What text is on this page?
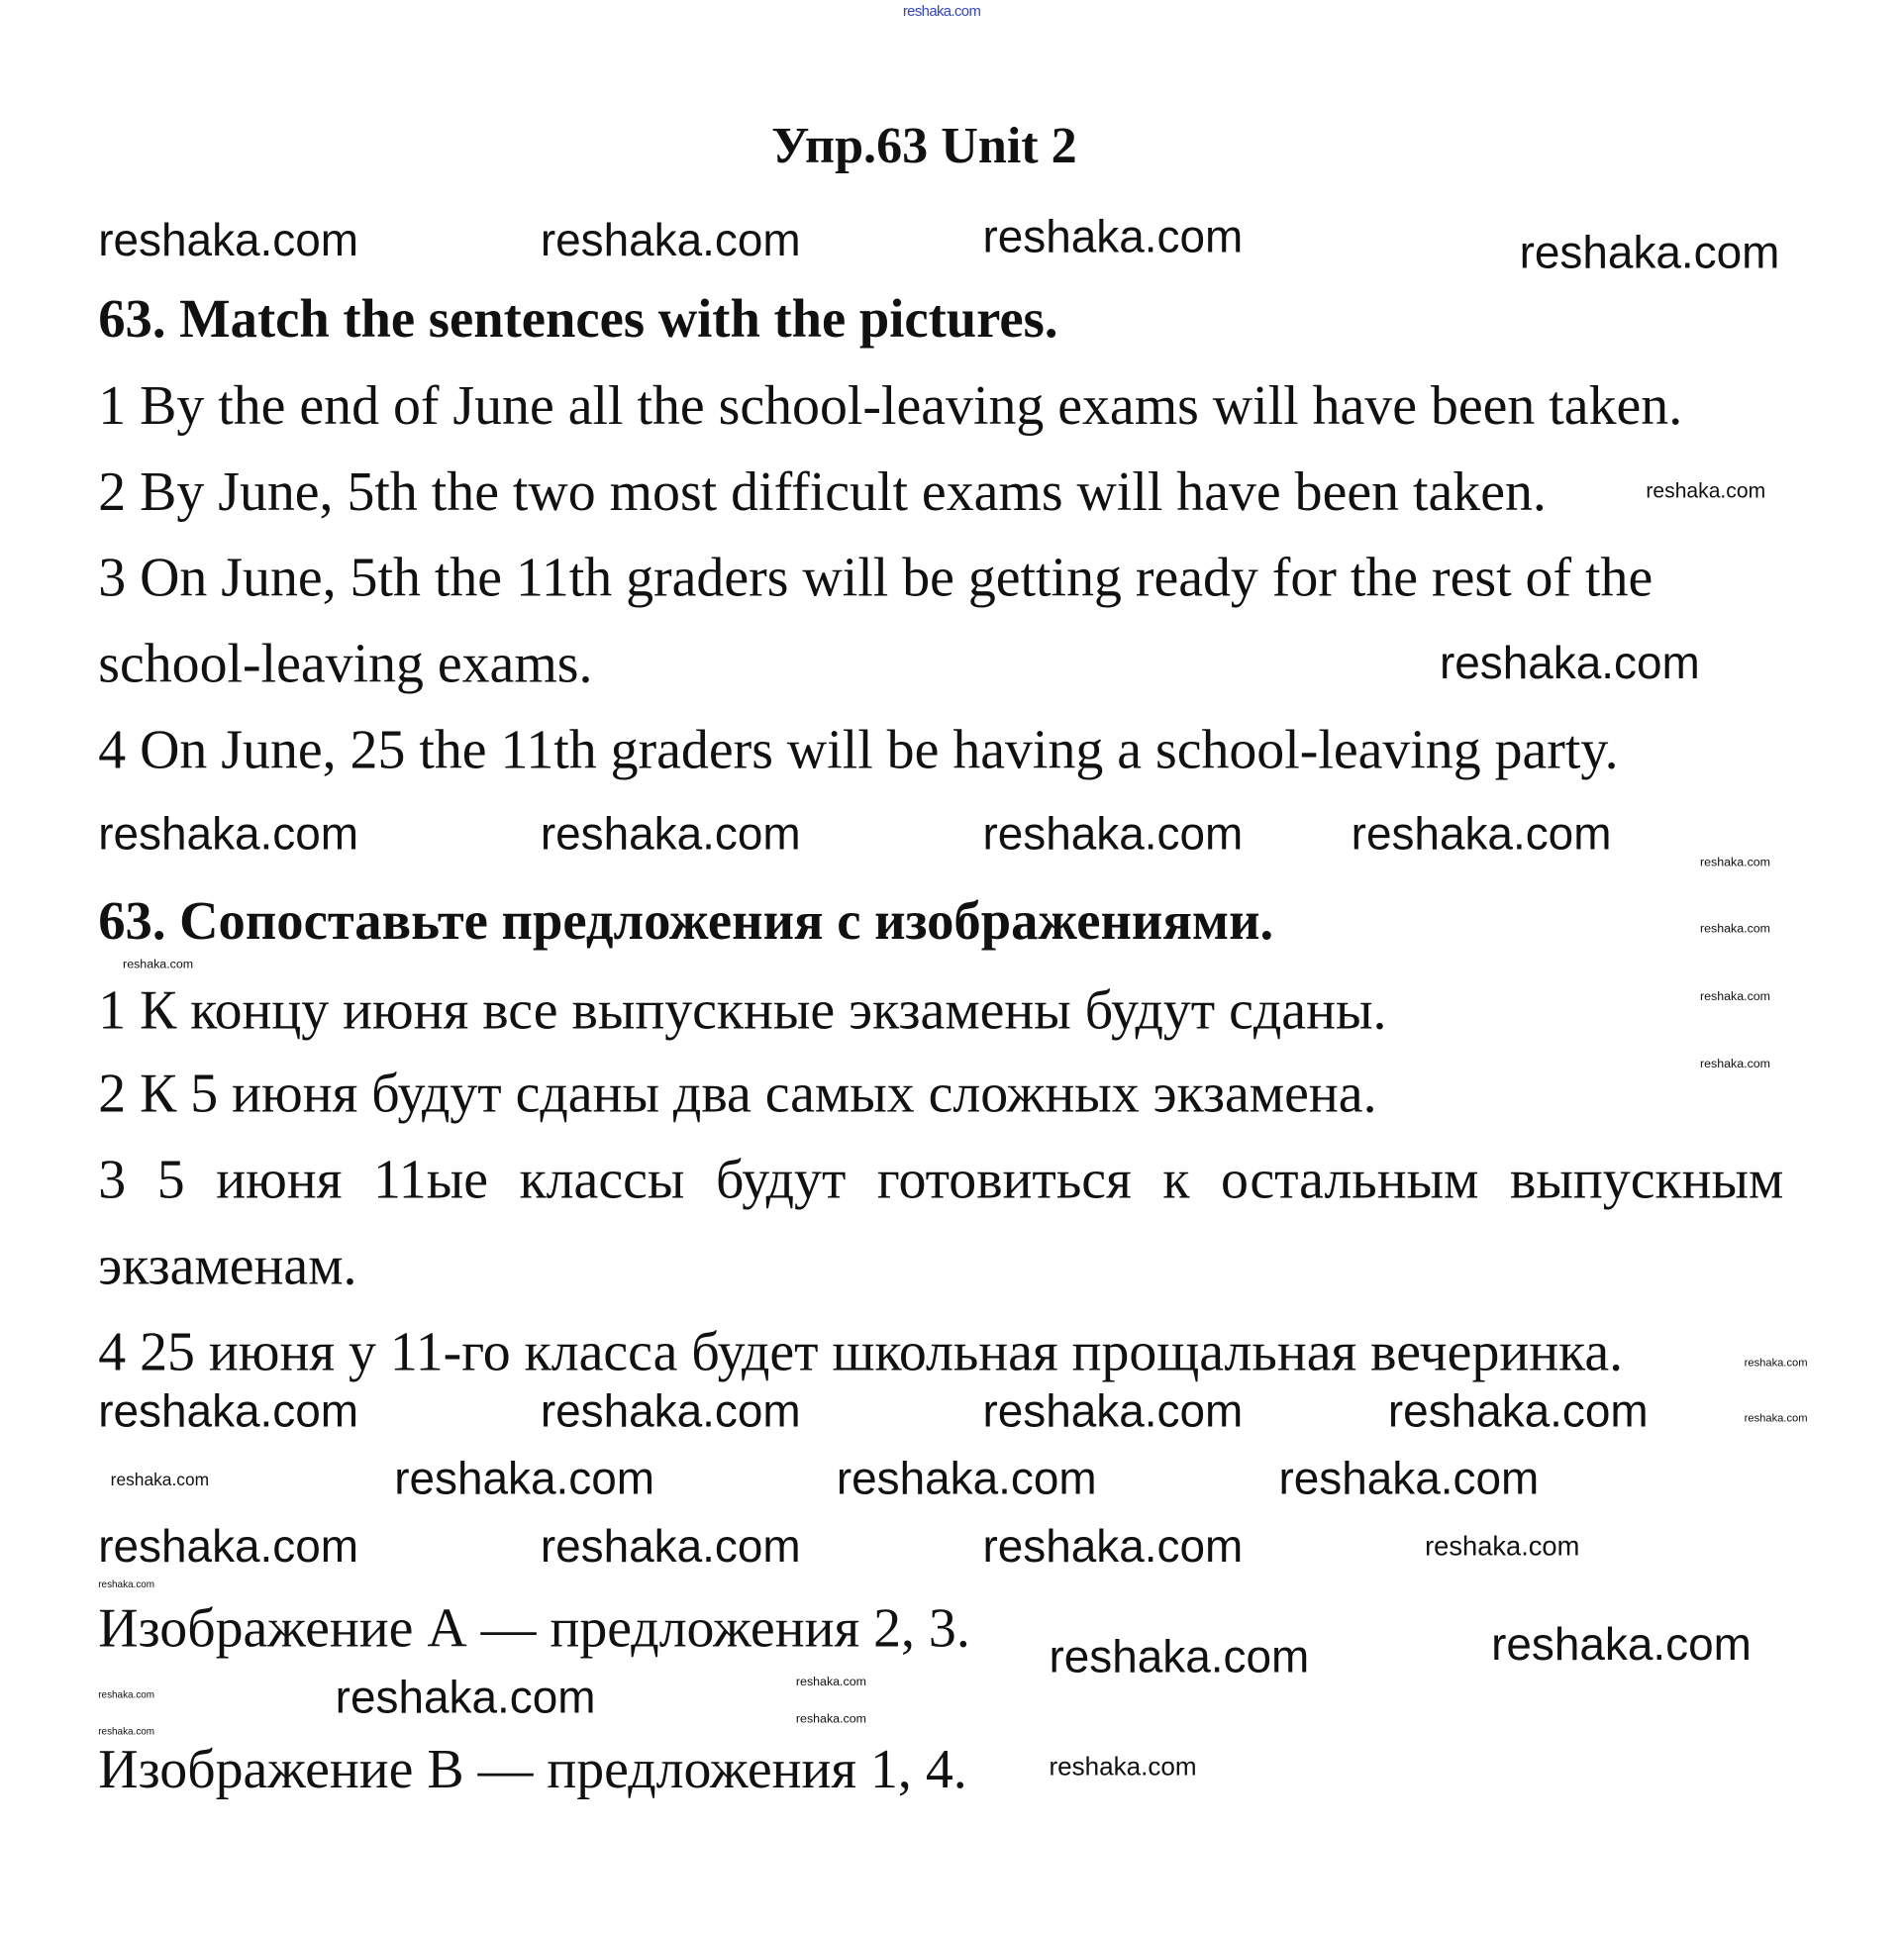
reshaka.com
Упр.63 Unit 2
63. Match the sentences with the pictures.
1 By the end of June all the school-leaving exams will have been taken.
2 By June, 5th the two most difficult exams will have been taken.
3 On June, 5th the 11th graders will be getting ready for the rest of the
school-leaving exams.
4 On June, 25 the 11th graders will be having a school-leaving party.
63. Сопоставьте предложения с изображениями.
1 К концу июня все выпускные экзамены будут сданы.
2 К 5 июня будут сданы два самых сложных экзамена.
3 5 июня 11ые классы будут готовиться к остальным выпускным
экзаменам.
4 25 июня у 11-го класса будет школьная прощальная вечеринка.
Изображение А — предложения 2, 3.
Изображение В — предложения 1, 4.
reshaka.com	reshaka.com	reshaka.com	reshaka.com
reshaka.com
reshaka.com
reshaka.com	reshaka.com	reshaka.com	reshaka.com
reshaka.com
reshaka.com
reshaka.com
reshaka.com
reshaka.com
reshaka.com
reshaka.com
reshaka.com	reshaka.com	reshaka.com	reshaka.com
reshaka.com	reshaka.com	reshaka.com	reshaka.com
reshaka.com	reshaka.com	reshaka.com	reshaka.com
reshaka.com
reshaka.com
reshaka.com
reshaka.com	reshaka.com
reshaka.com
reshaka.com	reshaka.com
reshaka.com
